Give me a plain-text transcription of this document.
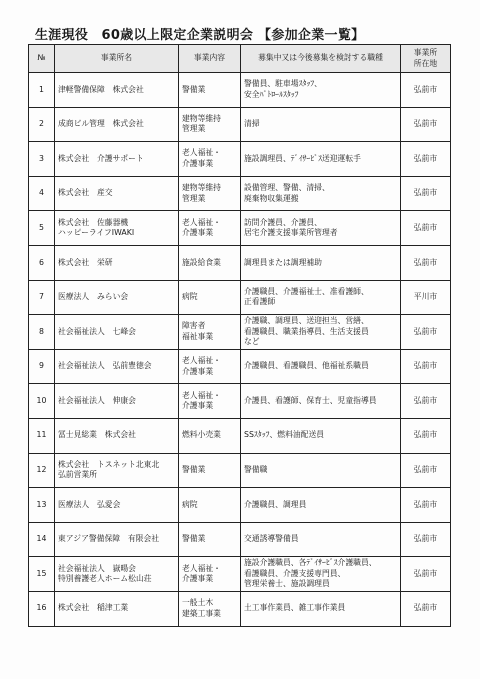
生涯現役　60歳以上限定企業説明会 【参加企業一覧】
№	事業所名	事業内容	募集中又は今後募集を検討する職種	事業所
所在地
1	津軽警備保障　株式会社	警備業	警備員、駐車場ｽﾀｯﾌ、
安全ﾊﾟﾄﾛｰﾙｽﾀｯﾌ	弘前市
2	成商ビル管理　株式会社	建物等維持
管理業	清掃	弘前市
3	株式会社　介護サポート	老人福祉・
介護事業	施設調理員、ﾃﾞｲｻｰﾋﾞｽ送迎運転手	弘前市
4	株式会社　産交	建物等維持
管理業	設備管理、警備、清掃、
廃棄物収集運搬	弘前市
5	株式会社　佐藤器機
ハッピーライフIWAKI	老人福祉・
介護事業	訪問介護員、介護員、
居宅介護支援事業所管理者	弘前市
6	株式会社　栄研	施設給食業	調理員または調理補助	弘前市
7	医療法人　みらい会	病院	介護職員、介護福祉士、准看護師、
正看護師	平川市
8	社会福祉法人　七峰会	障害者
福祉事業	介護職、調理員、送迎担当、営繕、
看護職員、職業指導員、生活支援員
など	弘前市
9	社会福祉法人　弘前豊徳会	老人福祉・
介護事業	介護職員、看護職員、他福祉系職員	弘前市
10	社会福祉法人　伸康会	老人福祉・
介護事業	介護員、看護師、保育士、児童指導員	弘前市
11	冨士見総業　株式会社	燃料小売業	SSｽﾀｯﾌ、燃料油配送員	弘前市
12	株式会社　トスネット北東北
弘前営業所	警備業	警備職	弘前市
13	医療法人　弘愛会	病院	介護職員、調理員	弘前市
14	東アジア警備保障　有限会社	警備業	交通誘導警備員	弘前市
15	社会福祉法人　嶽暘会
特別養護老人ホーム松山荘	老人福祉・
介護事業	施設介護職員、各ﾃﾞｲｻｰﾋﾞｽ介護職員、
看護職員、介護支援専門員、
管理栄養士、施設調理員	弘前市
16	株式会社　稲津工業	一般土木
建築工事業	土工事作業員、雑工事作業員	弘前市
